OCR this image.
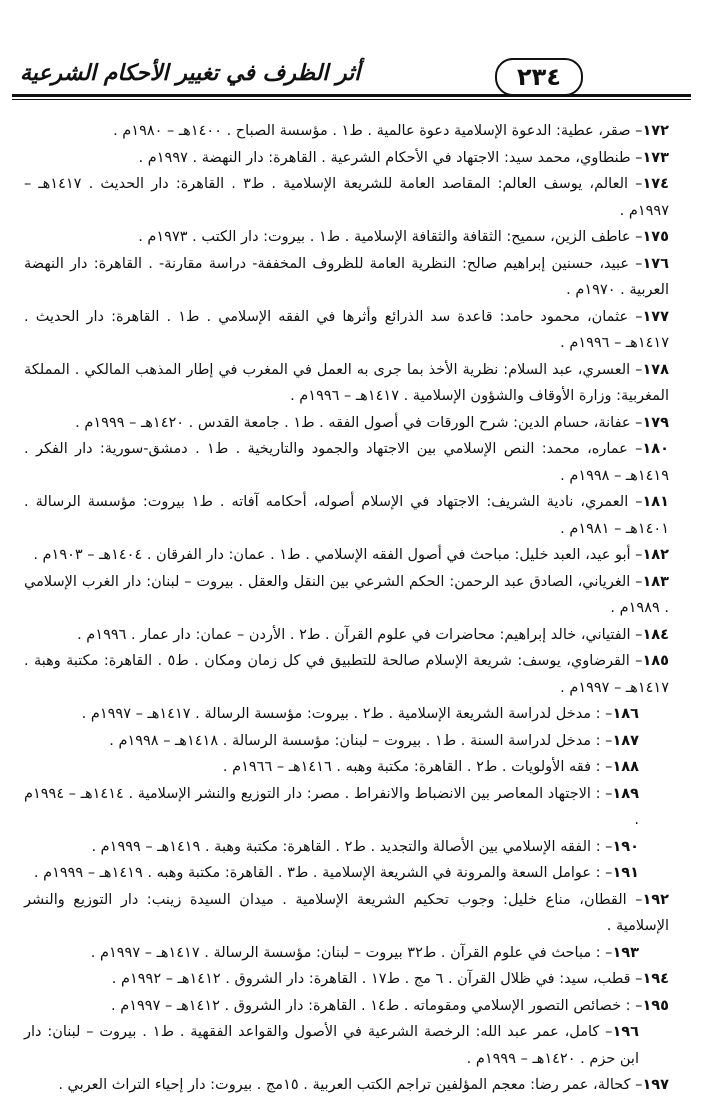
٢٣٤
أثر الظرف في تغيير الأحكام الشرعية
١٧٢– صقر، عطية: الدعوة الإسلامية دعوة عالمية . ط١ . مؤسسة الصباح . ١٤٠٠هـ – ١٩٨٠م .
١٧٣– طنطاوي، محمد سيد: الاجتهاد في الأحكام الشرعية . القاهرة: دار النهضة . ١٩٩٧م .
١٧٤– العالم، يوسف العالم: المقاصد العامة للشريعة الإسلامية . ط٣ . القاهرة: دار الحديث . ١٤١٧هـ – ١٩٩٧م .
١٧٥– عاطف الزين، سميح: الثقافة والثقافة الإسلامية . ط١ . بيروت: دار الكتب . ١٩٧٣م .
١٧٦– عبيد، حسنين إبراهيم صالح: النظرية العامة للظروف المخففة- دراسة مقارنة- . القاهرة: دار النهضة العربية . ١٩٧٠م .
١٧٧– عثمان، محمود حامد: قاعدة سد الذرائع وأثرها في الفقه الإسلامي . ط١ . القاهرة: دار الحديث . ١٤١٧هـ – ١٩٩٦م .
١٧٨– العسري، عبد السلام: نظرية الأخذ بما جرى به العمل في المغرب في إطار المذهب المالكي . المملكة المغربية: وزارة الأوقاف والشؤون الإسلامية . ١٤١٧هـ – ١٩٩٦م .
١٧٩– عفانة، حسام الدين: شرح الورقات في أصول الفقه . ط١ . جامعة القدس . ١٤٢٠هـ – ١٩٩٩م .
١٨٠– عماره، محمد: النص الإسلامي بين الاجتهاد والجمود والتاريخية . ط١ . دمشق-سورية: دار الفكر . ١٤١٩هـ – ١٩٩٨م .
١٨١– العمري، نادية الشريف: الاجتهاد في الإسلام أصوله، أحكامه آفاته . ط١ بيروت: مؤسسة الرسالة . ١٤٠١هـ – ١٩٨١م .
١٨٢– أبو عيد، العبد خليل: مباحث في أصول الفقه الإسلامي . ط١ . عمان: دار الفرقان . ١٤٠٤هـ – ١٩٠٣م .
١٨٣– الغرياني، الصادق عبد الرحمن: الحكم الشرعي بين النقل والعقل . بيروت – لبنان: دار الغرب الإسلامي . ١٩٨٩م .
١٨٤– الفتياني، خالد إبراهيم: محاضرات في علوم القرآن . ط٢ . الأردن – عمان: دار عمار . ١٩٩٦م .
١٨٥– القرضاوي، يوسف: شريعة الإسلام صالحة للتطبيق في كل زمان ومكان . ط٥ . القاهرة: مكتبة وهبة . ١٤١٧هـ – ١٩٩٧م .
١٨٦– : مدخل لدراسة الشريعة الإسلامية . ط٢ . بيروت: مؤسسة الرسالة . ١٤١٧هـ – ١٩٩٧م .
١٨٧– : مدخل لدراسة السنة . ط١ . بيروت – لبنان: مؤسسة الرسالة . ١٤١٨هـ – ١٩٩٨م .
١٨٨– : فقه الأولويات . ط٢ . القاهرة: مكتبة وهبه . ١٤١٦هـ – ١٩٦٦م .
١٨٩– : الاجتهاد المعاصر بين الانضباط والانفراط . مصر: دار التوزيع والنشر الإسلامية . ١٤١٤هـ – ١٩٩٤م .
١٩٠– : الفقه الإسلامي بين الأصالة والتجديد . ط٢ . القاهرة: مكتبة وهبة . ١٤١٩هـ – ١٩٩٩م .
١٩١– : عوامل السعة والمرونة في الشريعة الإسلامية . ط٣ . القاهرة: مكتبة وهبه . ١٤١٩هـ – ١٩٩٩م .
١٩٢– القطان، مناع خليل: وجوب تحكيم الشريعة الإسلامية . ميدان السيدة زينب: دار التوزيع والنشر الإسلامية .
١٩٣– : مباحث في علوم القرآن . ط٣٢ بيروت – لبنان: مؤسسة الرسالة . ١٤١٧هـ – ١٩٩٧م .
١٩٤– قطب، سيد: في ظلال القرآن . ٦ مج . ط١٧ . القاهرة: دار الشروق . ١٤١٢هـ – ١٩٩٢م .
١٩٥– : خصائص التصور الإسلامي ومقوماته . ط١٤ . القاهرة: دار الشروق . ١٤١٢هـ – ١٩٩٧م .
١٩٦– كامل، عمر عبد الله: الرخصة الشرعية في الأصول والقواعد الفقهية . ط١ . بيروت – لبنان: دار ابن حزم . ١٤٢٠هـ – ١٩٩٩م .
١٩٧– كحالة، عمر رضا: معجم المؤلفين تراجم الكتب العربية . ١٥مج . بيروت: دار إحياء التراث العربي .
